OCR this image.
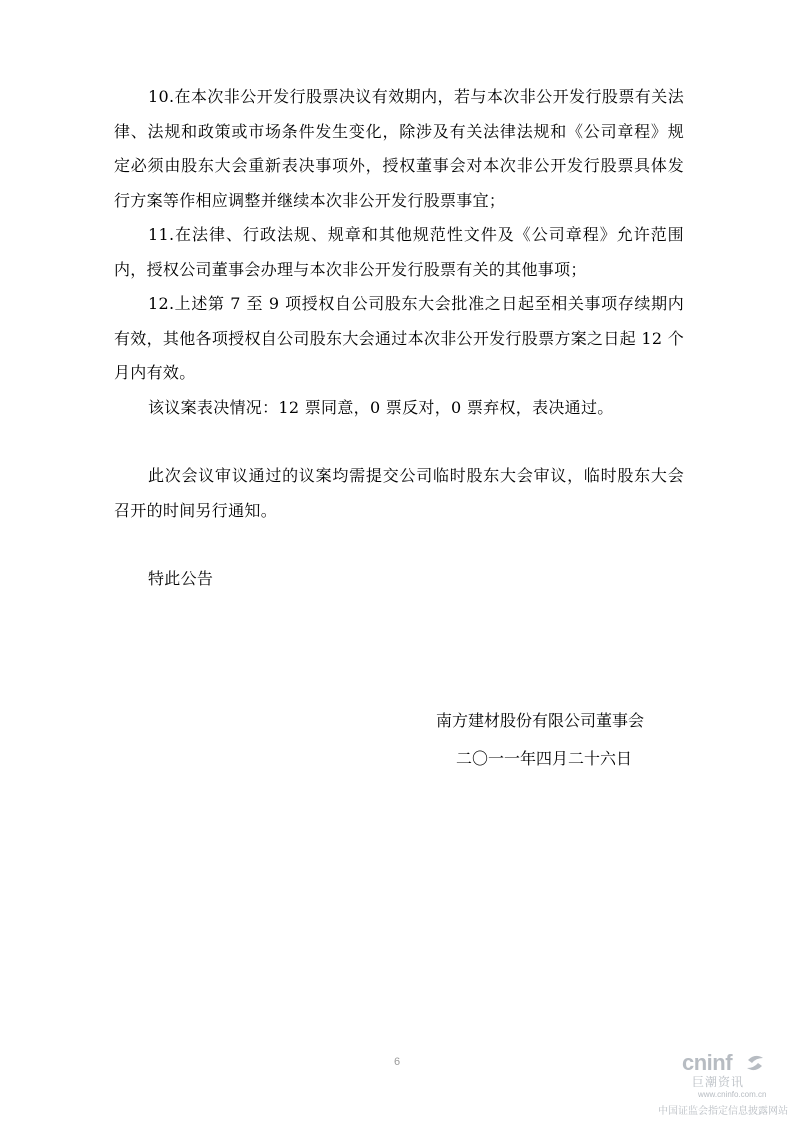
10.在本次非公开发行股票决议有效期内，若与本次非公开发行股票有关法律、法规和政策或市场条件发生变化，除涉及有关法律法规和《公司章程》规定必须由股东大会重新表决事项外，授权董事会对本次非公开发行股票具体发行方案等作相应调整并继续本次非公开发行股票事宜；

11.在法律、行政法规、规章和其他规范性文件及《公司章程》允许范围内，授权公司董事会办理与本次非公开发行股票有关的其他事项；

12.上述第 7 至 9 项授权自公司股东大会批准之日起至相关事项存续期内有效，其他各项授权自公司股东大会通过本次非公开发行股票方案之日起 12 个月内有效。

该议案表决情况：12 票同意，0 票反对，0 票弃权，表决通过。

此次会议审议通过的议案均需提交公司临时股东大会审议，临时股东大会召开的时间另行通知。

特此公告

南方建材股份有限公司董事会
二〇一一年四月二十六日
6	cninf
巨潮资讯
www.cninfo.com.cn
中国证监会指定信息披露网站
